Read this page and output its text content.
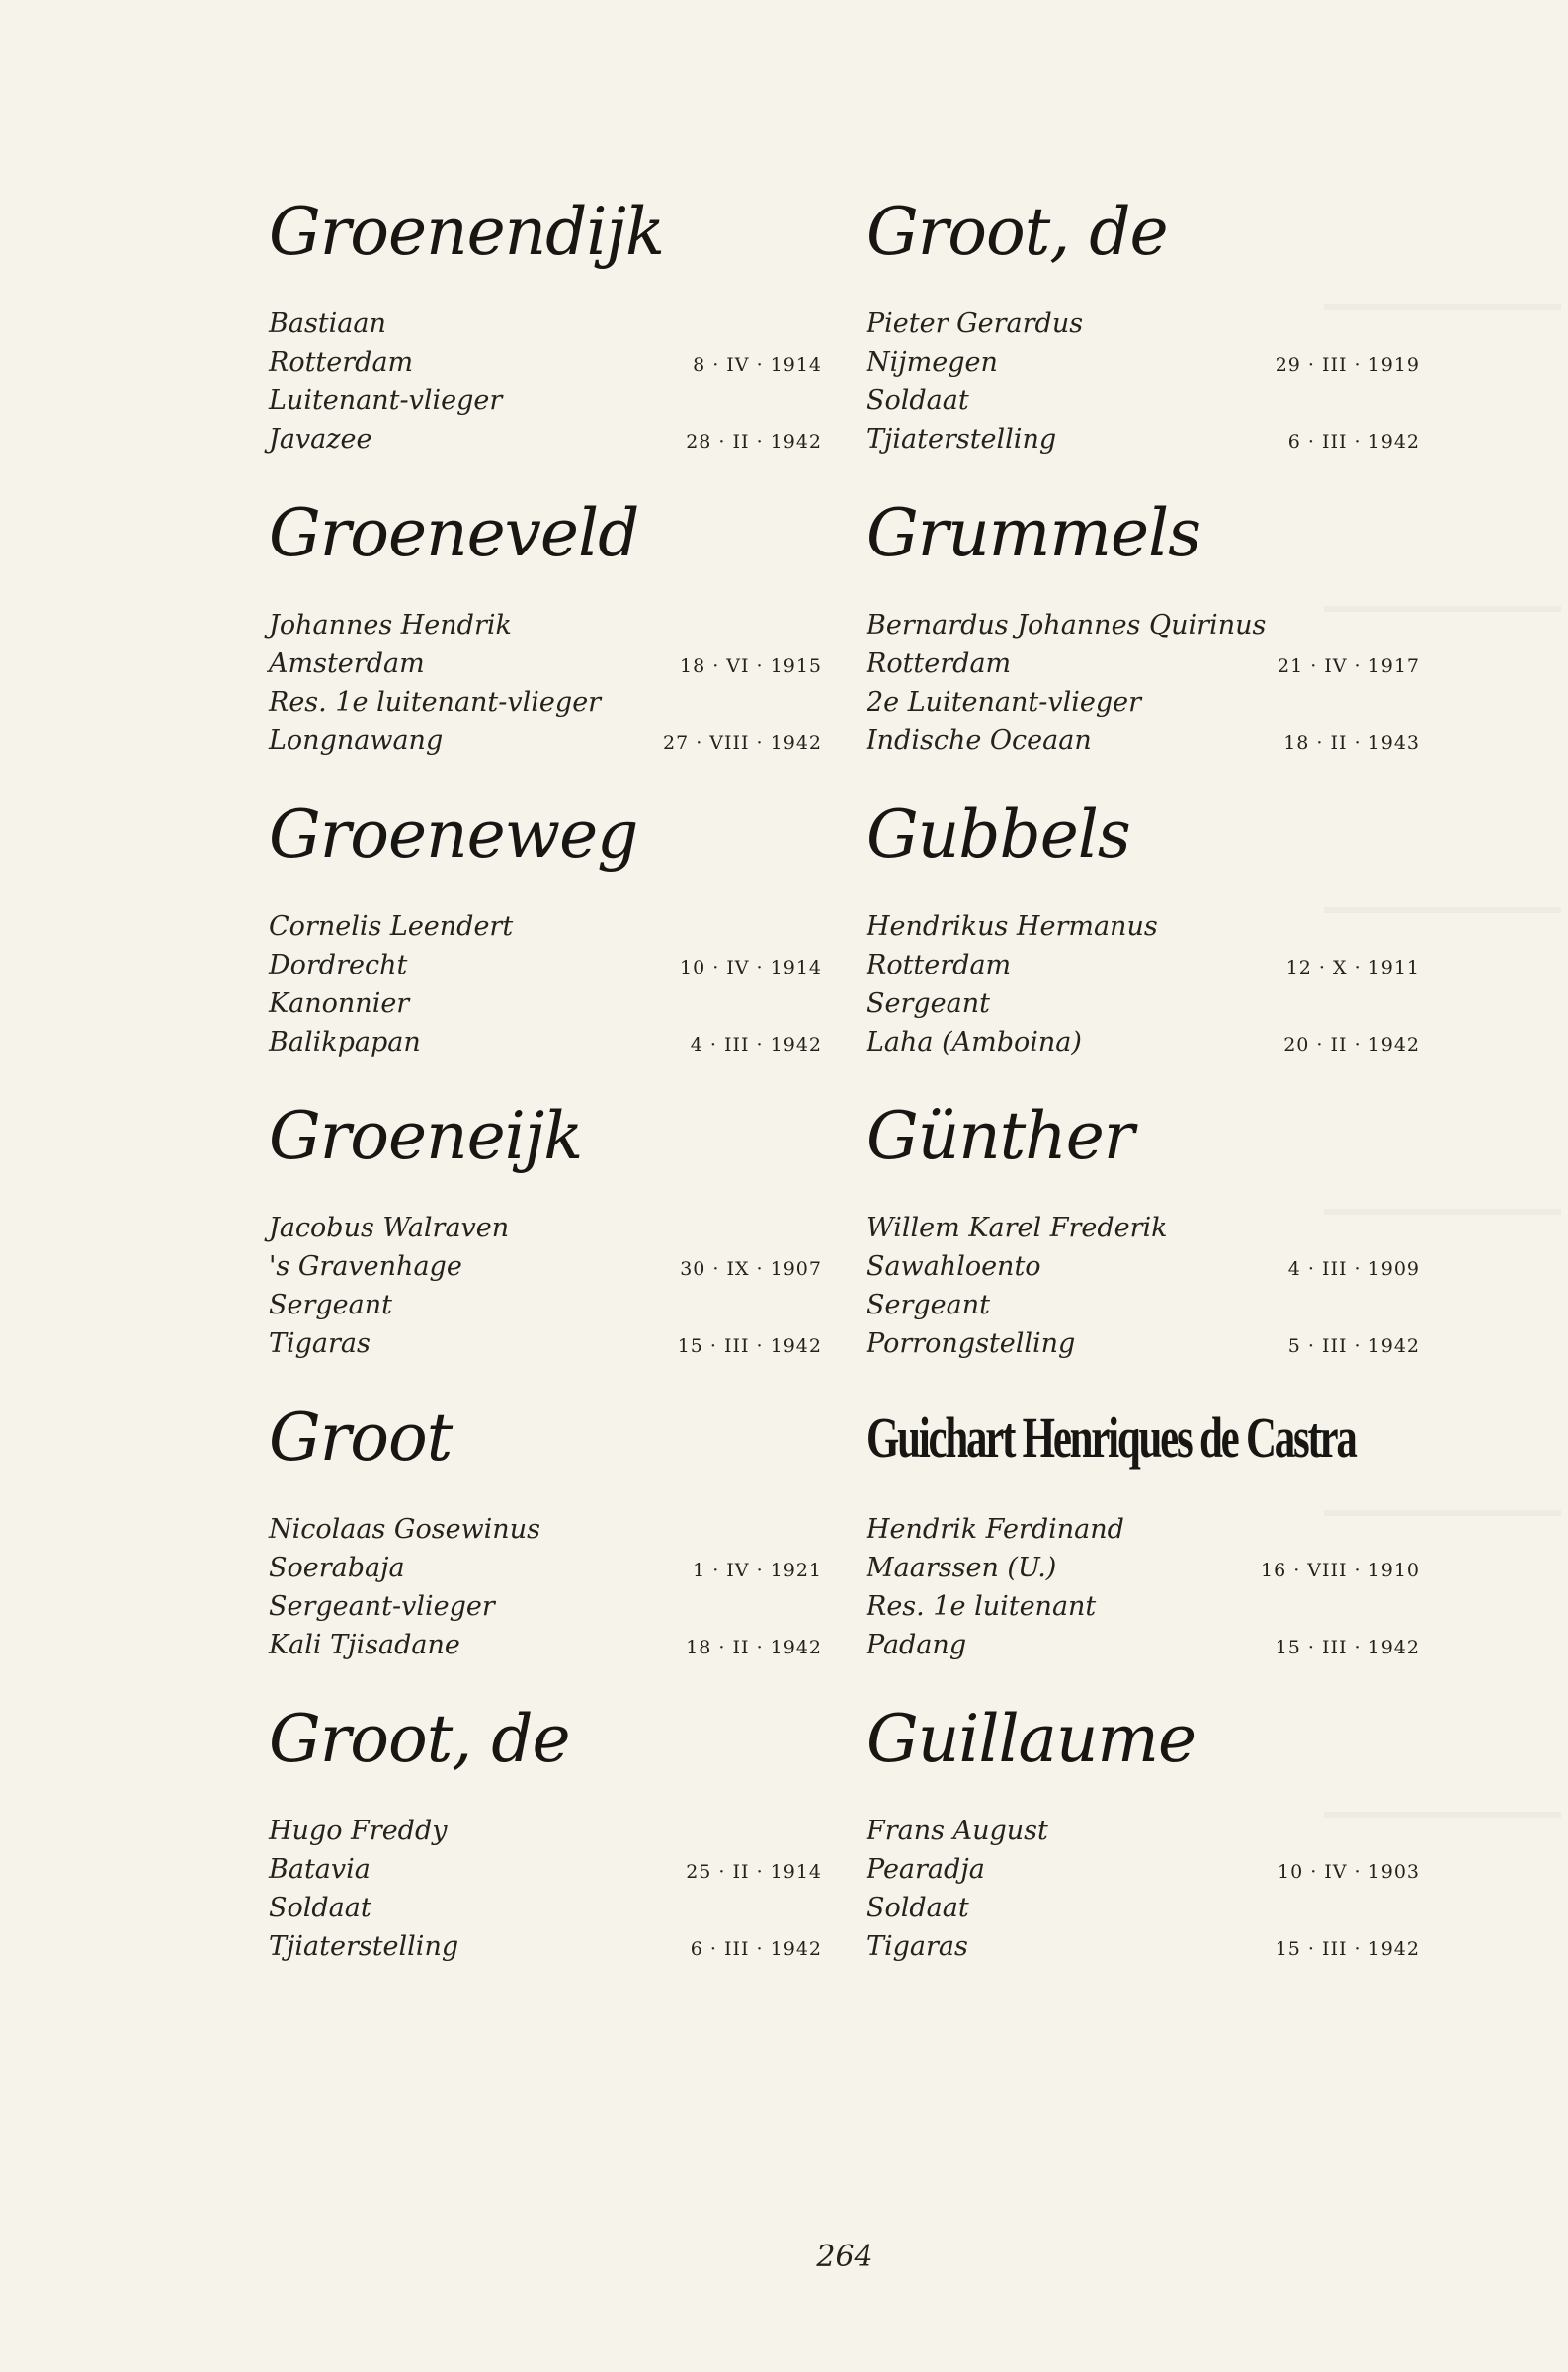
Groenendijk
Bastiaan
Rotterdam	8 · IV · 1914
Luitenant-vlieger
Javazee	28 · II · 1942
Groeneveld
Johannes Hendrik
Amsterdam	18 · VI · 1915
Res. 1e luitenant-vlieger
Longnawang	27 · VIII · 1942
Groeneweg
Cornelis Leendert
Dordrecht	10 · IV · 1914
Kanonnier
Balikpapan	4 · III · 1942
Groeneijk
Jacobus Walraven
's Gravenhage	30 · IX · 1907
Sergeant
Tigaras	15 · III · 1942
Groot
Nicolaas Gosewinus
Soerabaja	1 · IV · 1921
Sergeant-vlieger
Kali Tjisadane	18 · II · 1942
Groot, de
Hugo Freddy
Batavia	25 · II · 1914
Soldaat
Tjiaterstelling	6 · III · 1942
Groot, de
Pieter Gerardus
Nijmegen	29 · III · 1919
Soldaat
Tjiaterstelling	6 · III · 1942
Grummels
Bernardus Johannes Quirinus
Rotterdam	21 · IV · 1917
2e Luitenant-vlieger
Indische Oceaan	18 · II · 1943
Gubbels
Hendrikus Hermanus
Rotterdam	12 · X · 1911
Sergeant
Laha (Amboina)	20 · II · 1942
Günther
Willem Karel Frederik
Sawahloento	4 · III · 1909
Sergeant
Porrongstelling	5 · III · 1942
Guichart Henriques de Castra
Hendrik Ferdinand
Maarssen (U.)	16 · VIII · 1910
Res. 1e luitenant
Padang	15 · III · 1942
Guillaume
Frans August
Pearadja	10 · IV · 1903
Soldaat
Tigaras	15 · III · 1942
264
